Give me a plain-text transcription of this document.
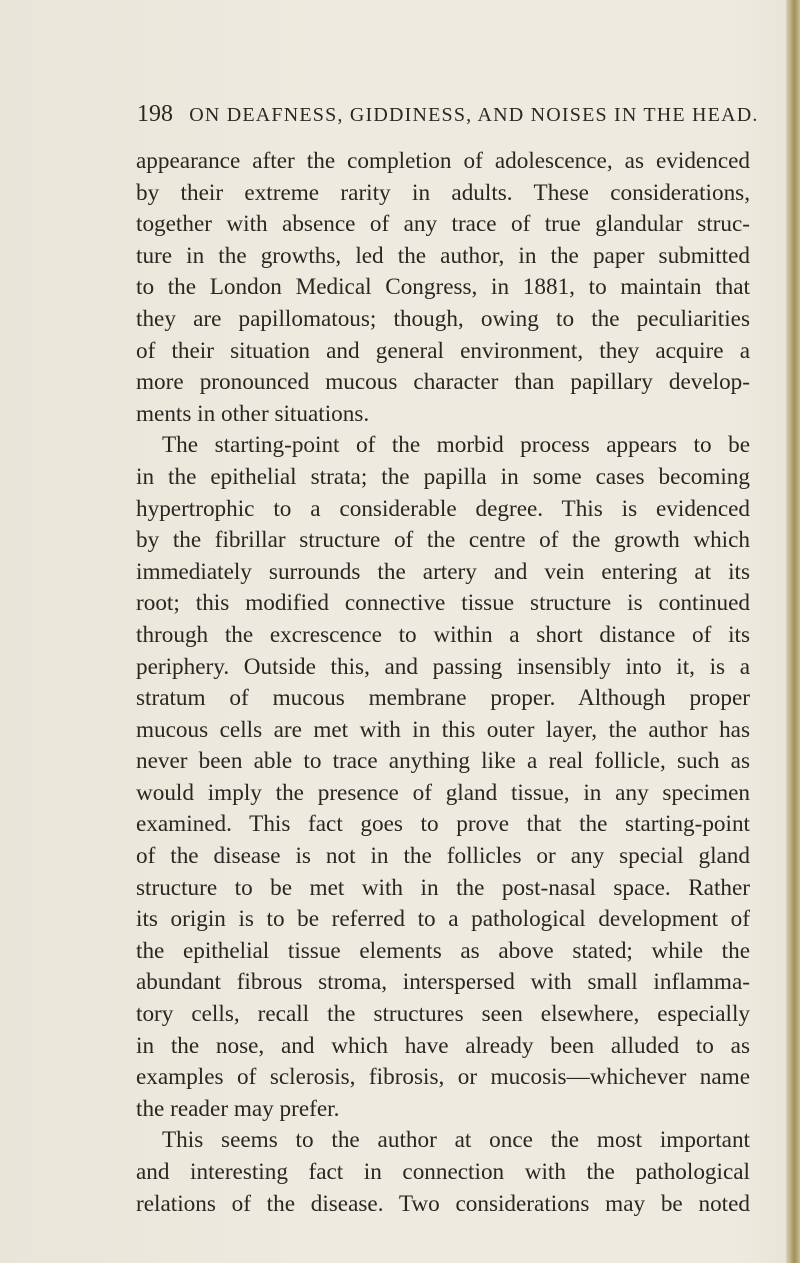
198 ON DEAFNESS, GIDDINESS, AND NOISES IN THE HEAD.
appearance after the completion of adolescence, as evidenced
by their extreme rarity in adults. These considerations,
together with absence of any trace of true glandular struc-
ture in the growths, led the author, in the paper submitted
to the London Medical Congress, in 1881, to maintain that
they are papillomatous; though, owing to the peculiarities
of their situation and general environment, they acquire a
more pronounced mucous character than papillary develop-
ments in other situations.
The starting-point of the morbid process appears to be
in the epithelial strata; the papilla in some cases becoming
hypertrophic to a considerable degree. This is evidenced
by the fibrillar structure of the centre of the growth which
immediately surrounds the artery and vein entering at its
root; this modified connective tissue structure is continued
through the excrescence to within a short distance of its
periphery. Outside this, and passing insensibly into it, is a
stratum of mucous membrane proper. Although proper
mucous cells are met with in this outer layer, the author has
never been able to trace anything like a real follicle, such as
would imply the presence of gland tissue, in any specimen
examined. This fact goes to prove that the starting-point
of the disease is not in the follicles or any special gland
structure to be met with in the post-nasal space. Rather
its origin is to be referred to a pathological development of
the epithelial tissue elements as above stated; while the
abundant fibrous stroma, interspersed with small inflamma-
tory cells, recall the structures seen elsewhere, especially
in the nose, and which have already been alluded to as
examples of sclerosis, fibrosis, or mucosis—whichever name
the reader may prefer.
This seems to the author at once the most important
and interesting fact in connection with the pathological
relations of the disease. Two considerations may be noted
